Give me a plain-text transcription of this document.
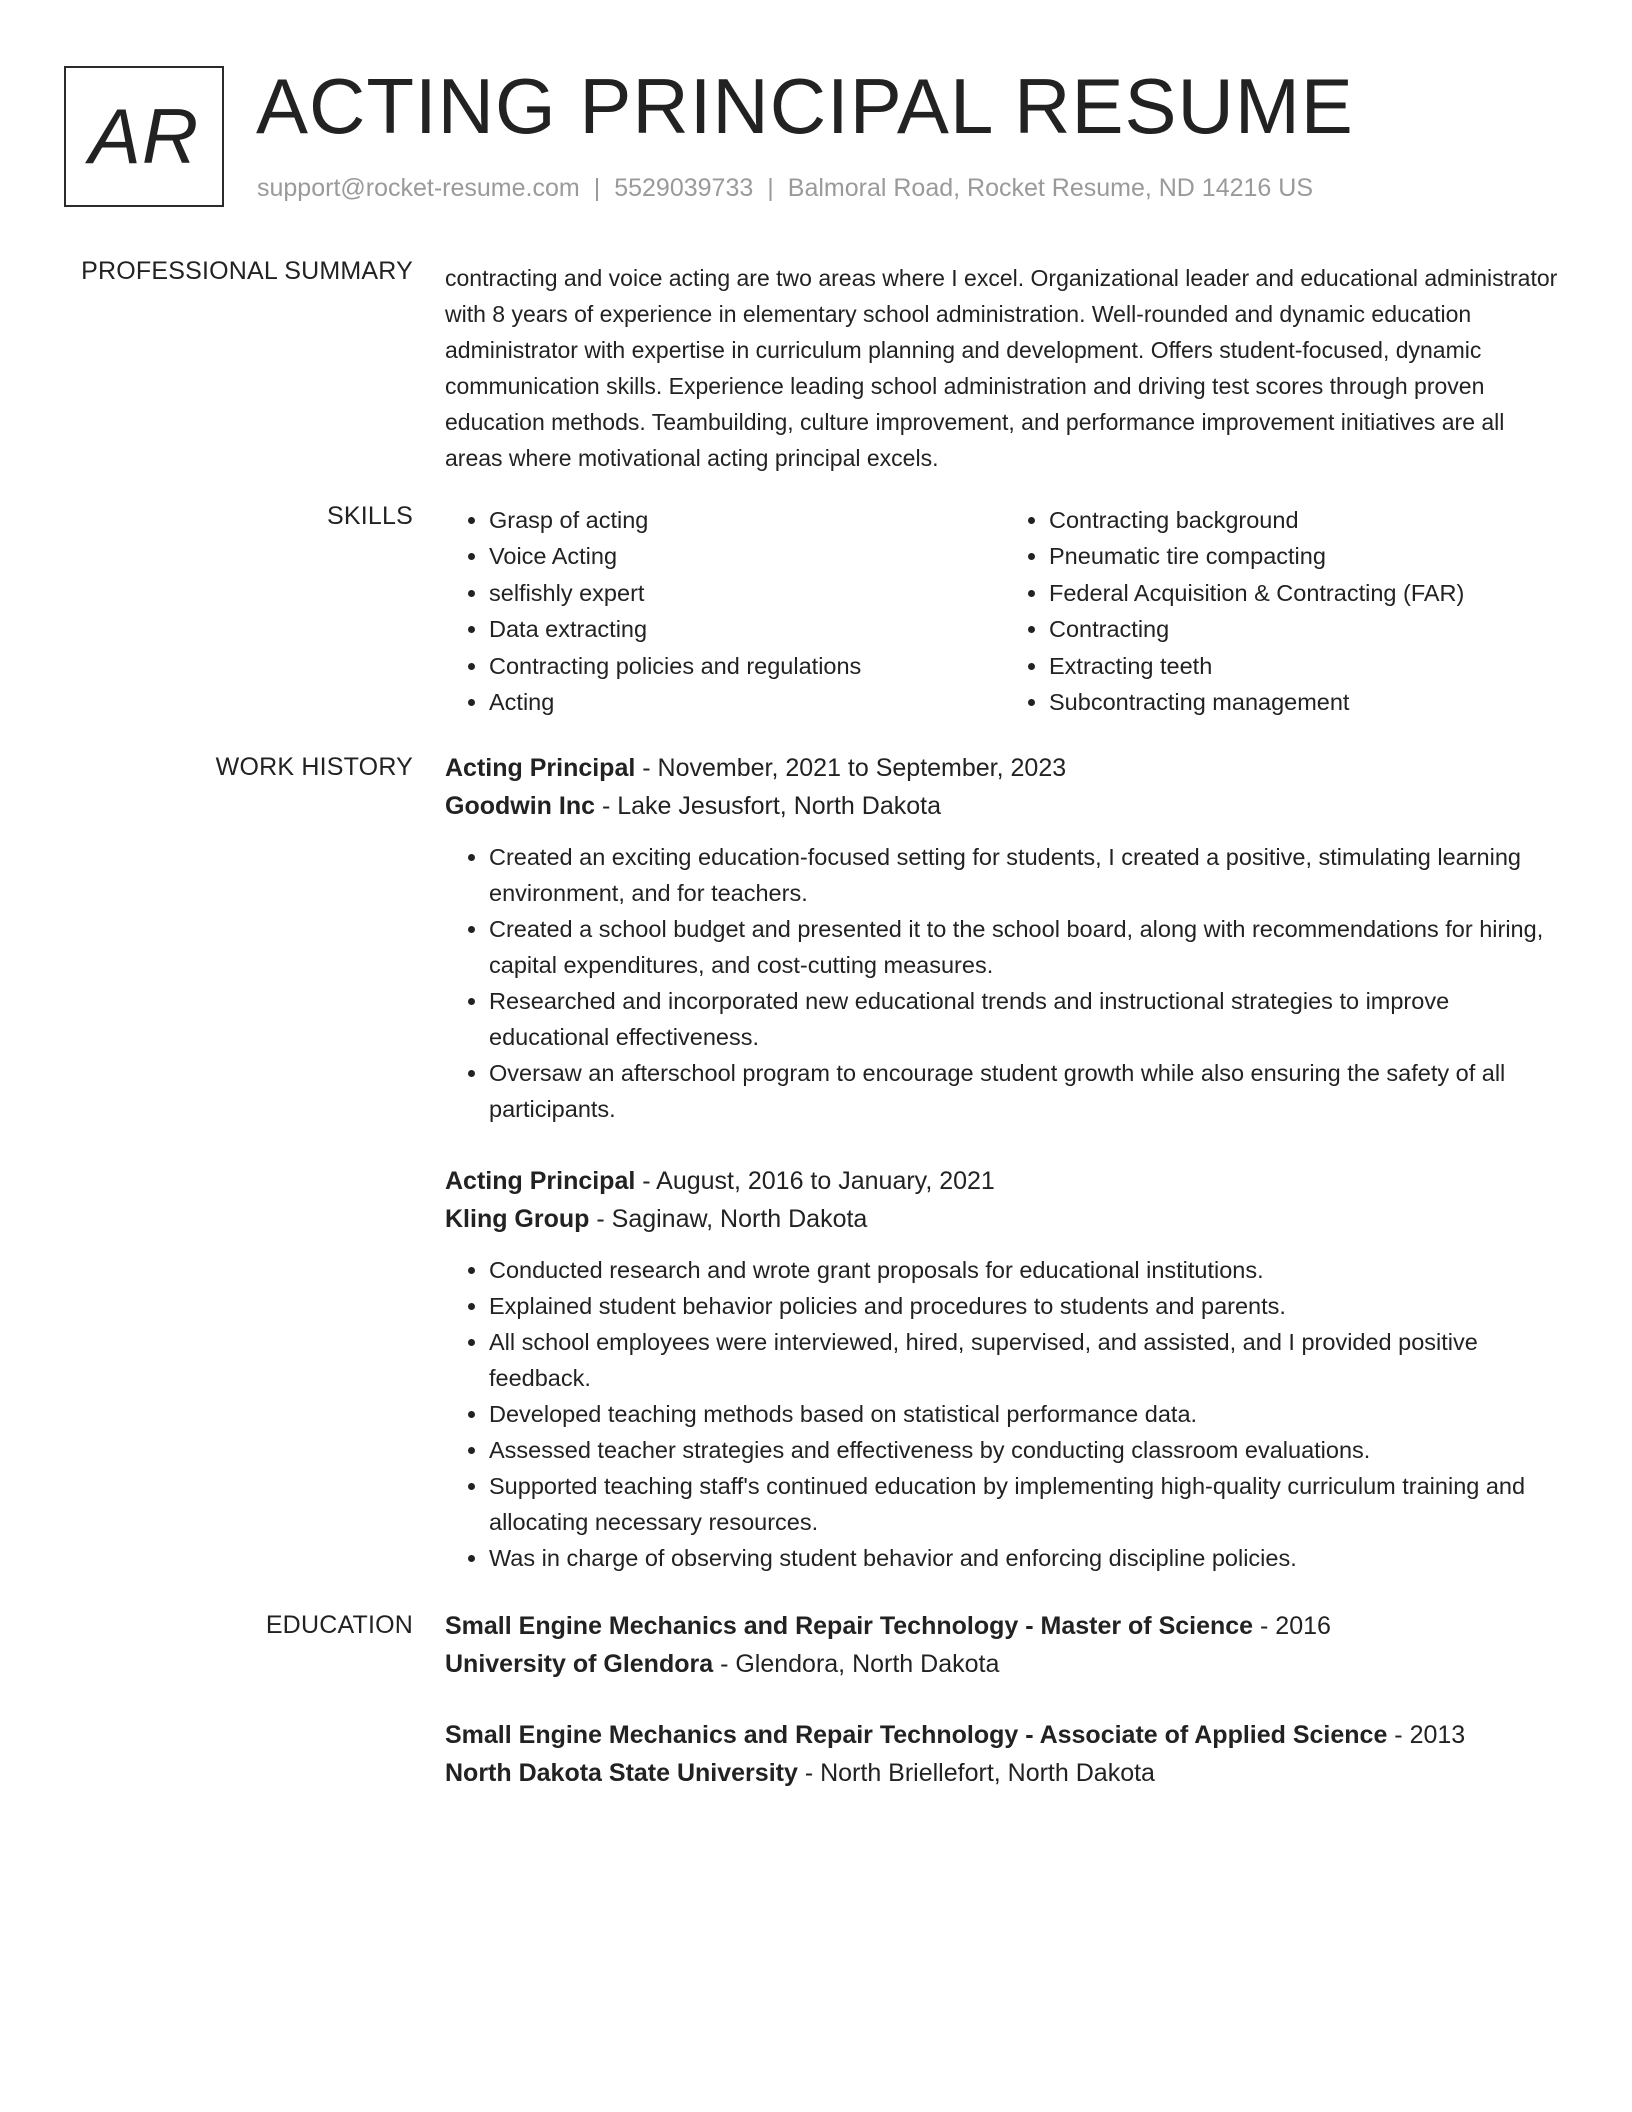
AR ACTING PRINCIPAL RESUME
support@rocket-resume.com | 5529039733 | Balmoral Road, Rocket Resume, ND 14216 US
PROFESSIONAL SUMMARY contracting and voice acting are two areas where I excel. Organizational leader and educational administrator with 8 years of experience in elementary school administration. Well-rounded and dynamic education administrator with expertise in curriculum planning and development. Offers student-focused, dynamic communication skills. Experience leading school administration and driving test scores through proven education methods. Teambuilding, culture improvement, and performance improvement initiatives are all areas where motivational acting principal excels.

SKILLS
•	Grasp of acting
• Voice Acting
• selfishly expert
• Data extracting
• Contracting policies and regulations
• Acting
• Contracting background
• Pneumatic tire compacting
• Federal Acquisition & Contracting (FAR)
• Contracting
• Extracting teeth
• Subcontracting management
WORK HISTORY Acting Principal - November, 2021 to September, 2023
Goodwin Inc - Lake Jesusfort, North Dakota
• Created an exciting education-focused setting for students, I created a positive, stimulating learning environment, and for teachers.
• Created a school budget and presented it to the school board, along with recommendations for hiring, capital expenditures, and cost-cutting measures.
• Researched and incorporated new educational trends and instructional strategies to improve educational effectiveness.
• Oversaw an afterschool program to encourage student growth while also ensuring the safety of all participants.
Acting Principal - August, 2016 to January, 2021
Kling Group - Saginaw, North Dakota
• Conducted research and wrote grant proposals for educational institutions.
• Explained student behavior policies and procedures to students and parents.
• All school employees were interviewed, hired, supervised, and assisted, and I provided positive feedback.
• Developed teaching methods based on statistical performance data.
• Assessed teacher strategies and effectiveness by conducting classroom evaluations.
• Supported teaching staff's continued education by implementing high-quality curriculum training and allocating necessary resources.
• Was in charge of observing student behavior and enforcing discipline policies.
EDUCATION Small Engine Mechanics and Repair Technology - Master of Science - 2016
University of Glendora - Glendora, North Dakota
Small Engine Mechanics and Repair Technology - Associate of Applied Science - 2013
North Dakota State University - North Briellefort, North Dakota
